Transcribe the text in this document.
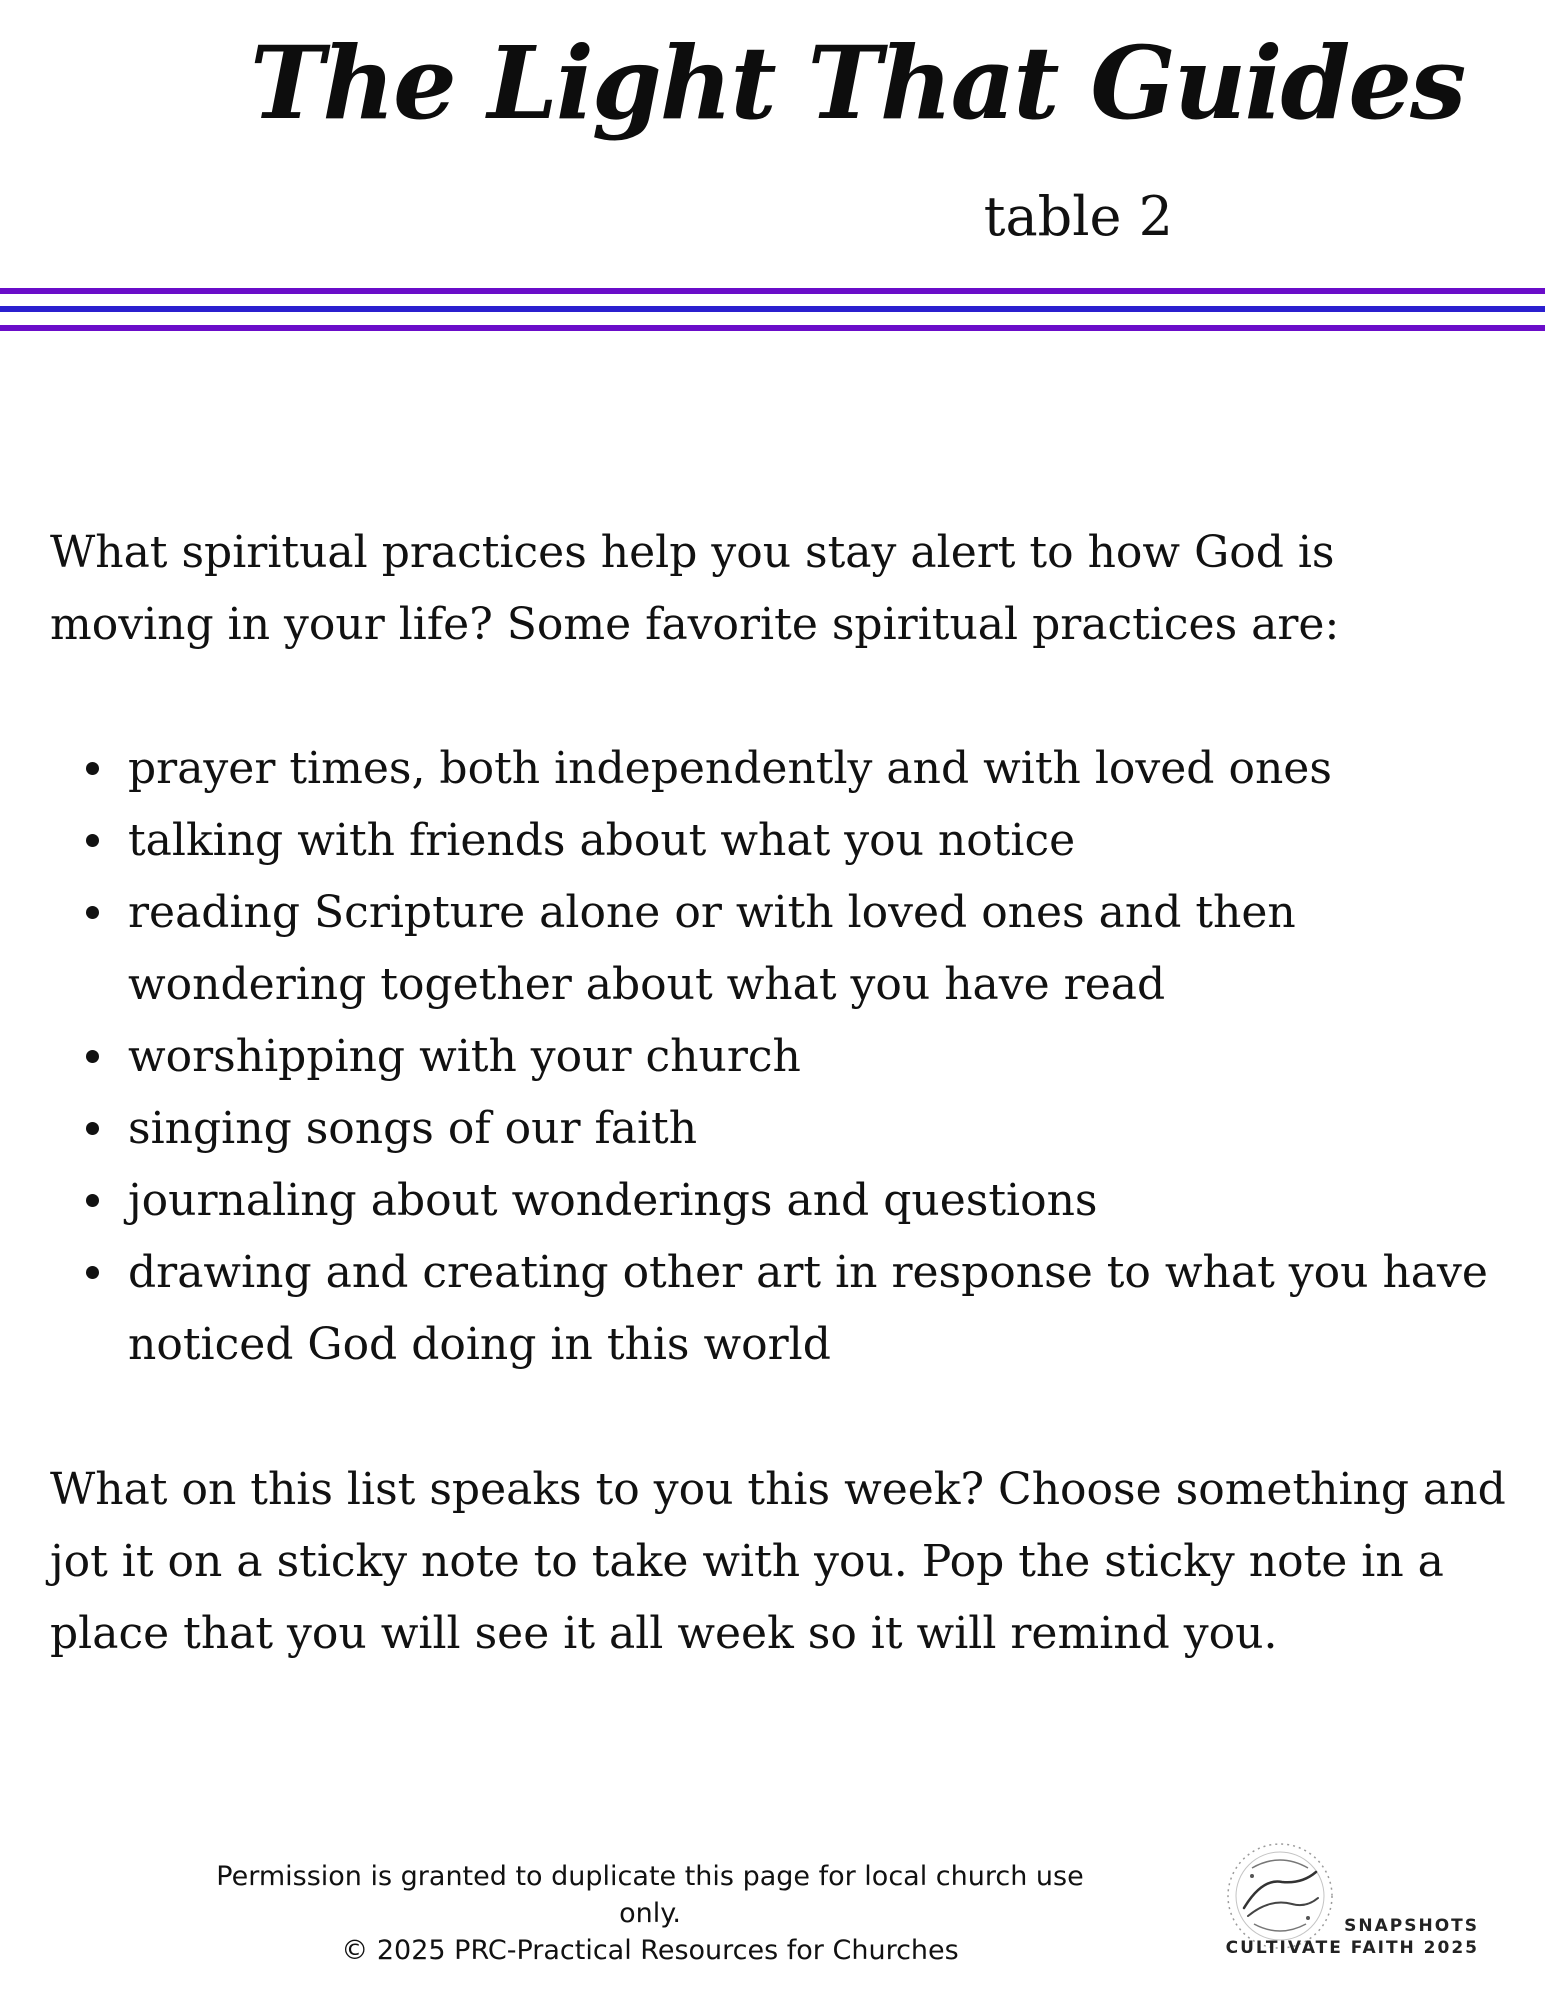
The Light That Guides
table 2

What spiritual practices help you stay alert to how God is moving in your life? Some favorite spiritual practices are:

prayer times, both independently and with loved ones
talking with friends about what you notice
reading Scripture alone or with loved ones and then wondering together about what you have read
worshipping with your church
singing songs of our faith
journaling about wonderings and questions
drawing and creating other art in response to what you have noticed God doing in this world

What on this list speaks to you this week? Choose something and jot it on a sticky note to take with you. Pop the sticky note in a place that you will see it all week so it will remind you.

Permission is granted to duplicate this page for local church use only.
© 2025 PRC-Practical Resources for Churches
SNAPSHOTS
CULTIVATE FAITH 2025
